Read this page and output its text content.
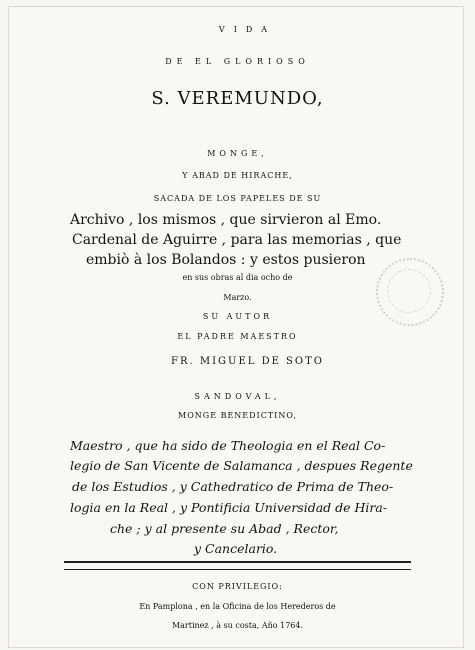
VIDA
DE EL GLORIOSO
S. VEREMUNDO,
MONGE,
Y ABAD DE HIRACHE,
SACADA DE LOS PAPELES DE SU
Archivo , los mismos , que sirvieron al Emo.
Cardenal de Aguirre , para las memorias , que
embiò à los Bolandos : y estos pusieron
en sus obras al dia ocho de
Marzo.
SU AUTOR
EL PADRE MAESTRO
FR. MIGUEL DE SOTO
SANDOVAL,
MONGE BENEDICTINO,
Maestro , que ha sido de Theologia en el Real Co-
legio de San Vicente de Salamanca , despues Regente
de los Estudios , y Cathedratico de Prima de Theo-
logia en la Real , y Pontificia Universidad de Hira-
che ; y al presente su Abad , Rector,
y Cancelario.
CON PRIVILEGIO:
En Pamplona , en la Oficina de los Herederos de
Martinez , à su costa, Año 1764.
